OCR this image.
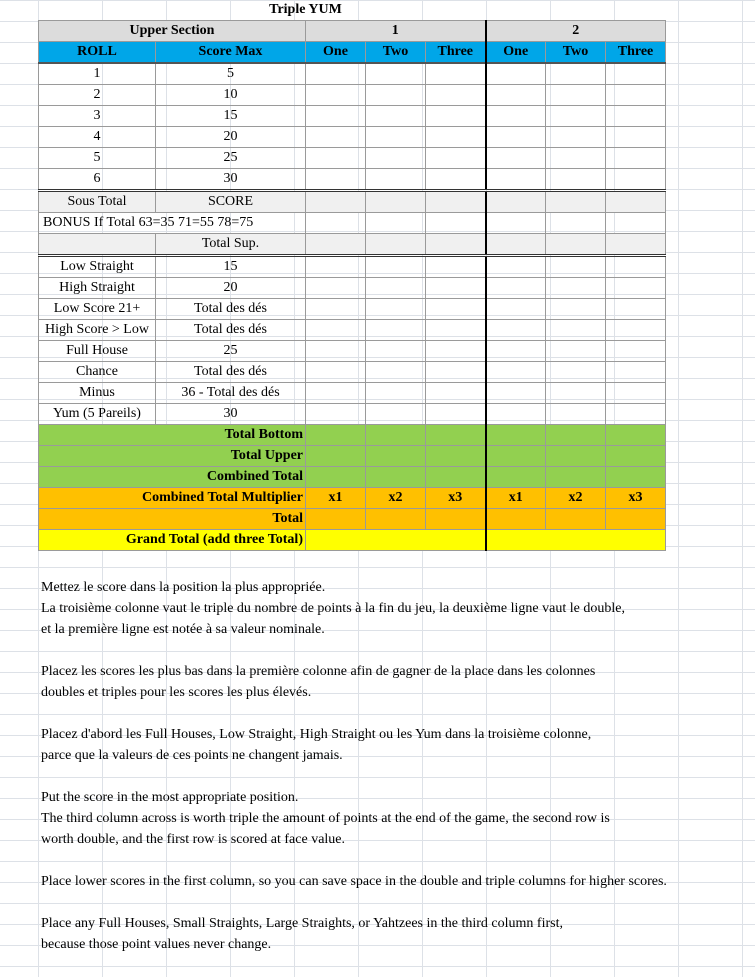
	Triple YUM						
Upper Section		1			2		
ROLL	Score Max	One	Two	Three	One	Two	Three
1	5						
2	10						
3	15						
4	20						
5	25						
6	30						
Sous Total	SCORE						
BONUS If Total 63=35 71=55 78=75							
	Total Sup.						
Low Straight	15						
High Straight	20						
Low Score 21+	Total des dés						
High Score > Low	Total des dés						
Full House	25						
Chance	Total des dés						
Minus	36 - Total des dés						
Yum (5 Pareils)	30						
Total Bottom							
Total Upper							
Combined Total							
Combined Total Multiplier		x1	x2	x3	x1	x2	x3
Total							
Grand Total (add three Total)							
Mettez le score dans la position la plus appropriée.
La troisième colonne vaut le triple du nombre de points à la fin du jeu, la deuxième ligne vaut le double,
et la première ligne est notée à sa valeur nominale.
Placez les scores les plus bas dans la première colonne afin de gagner de la place dans les colonnes
doubles et triples pour les scores les plus élevés.
Placez d'abord les Full Houses, Low Straight, High Straight ou les Yum dans la troisième colonne,
parce que la valeurs de ces points ne changent jamais.
Put the score in the most appropriate position.
The third column across is worth triple the amount of points at the end of the game, the second row is
worth double, and the first row is scored at face value.
Place lower scores in the first column, so you can save space in the double and triple columns for higher scores.
Place any Full Houses, Small Straights, Large Straights, or Yahtzees in the third column first,
because those point values never change.
